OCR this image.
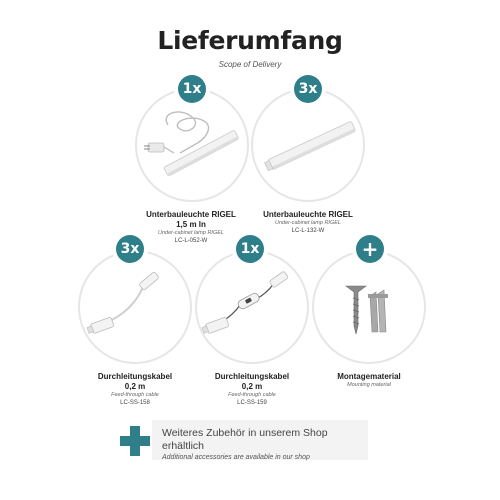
Lieferumfang
Scope of Delivery
1x
Unterbauleuchte RIGEL
1,5 m ln
Under-cabinet lamp RIGEL
LC-L-052-W
3x
Unterbauleuchte RIGEL
Under-cabinet lamp RIGEL
LC-L-132-W
3x
Durchleitungskabel
0,2 m
Feed-through cable
LC-SS-158
1x
Durchleitungskabel
0,2 m
Feed-through cable
LC-SS-159
+
Montagematerial
Mounting material
Weiteres Zubehör in unserem Shop erhältlich
Additional accessories are available in our shop
